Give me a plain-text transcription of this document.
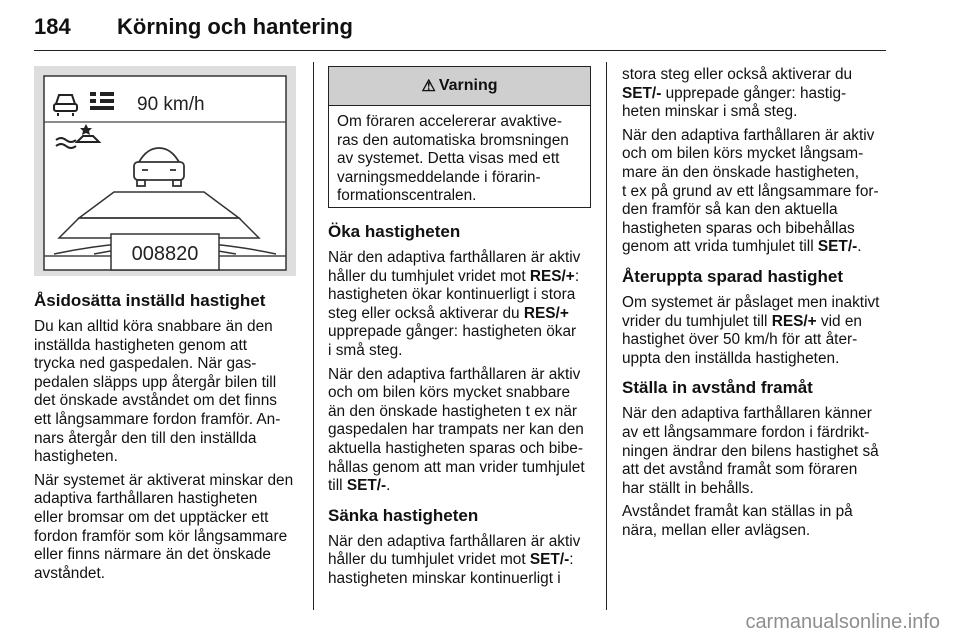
184 Körning och hantering
90 km/h
008820
Åsidosätta inställd hastighet

Du kan alltid köra snabbare än den
inställda hastigheten genom att
trycka ned gaspedalen. När gas-
pedalen släpps upp återgår bilen till
det önskade avståndet om det finns
ett långsammare fordon framför. An-
nars återgår den till den inställda
hastigheten.

När systemet är aktiverat minskar den
adaptiva farthållaren hastigheten
eller bromsar om det upptäcker ett
fordon framför som kör långsammare
eller finns närmare än det önskade
avståndet.

⚠ Varning
Om föraren accelererar avaktive-
ras den automatiska bromsningen
av systemet. Detta visas med ett
varningsmeddelande i förarin-
formationscentralen.
Öka hastigheten

När den adaptiva farthållaren är aktiv
håller du tumhjulet vridet mot RES/+:
hastigheten ökar kontinuerligt i stora
steg eller också aktiverar du RES/+
upprepade gånger: hastigheten ökar
i små steg.

När den adaptiva farthållaren är aktiv
och om bilen körs mycket snabbare
än den önskade hastigheten t ex när
gaspedalen har trampats ner kan den
aktuella hastigheten sparas och bibe-
hållas genom att man vrider tumhjulet
till SET/-.

Sänka hastigheten

När den adaptiva farthållaren är aktiv
håller du tumhjulet vridet mot SET/-:
hastigheten minskar kontinuerligt i

stora steg eller också aktiverar du
SET/- upprepade gånger: hastig-
heten minskar i små steg.

När den adaptiva farthållaren är aktiv
och om bilen körs mycket långsam-
mare än den önskade hastigheten,
t ex på grund av ett långsammare for-
den framför så kan den aktuella
hastigheten sparas och bibehållas
genom att vrida tumhjulet till SET/-.

Återuppta sparad hastighet

Om systemet är påslaget men inaktivt
vrider du tumhjulet till RES/+ vid en
hastighet över 50 km/h för att åter-
uppta den inställda hastigheten.

Ställa in avstånd framåt

När den adaptiva farthållaren känner
av ett långsammare fordon i färdrikt-
ningen ändrar den bilens hastighet så
att det avstånd framåt som föraren
har ställt in behålls.

Avståndet framåt kan ställas in på
nära, mellan eller avlägsen.

carmanualsonline.info
